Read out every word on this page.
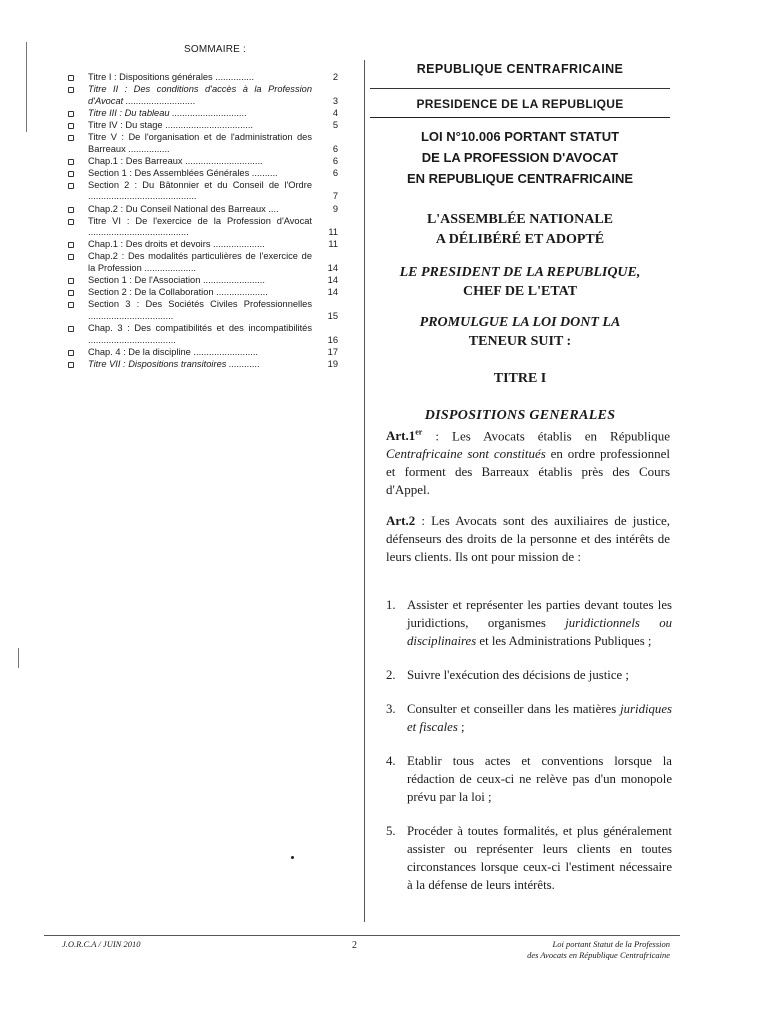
SOMMAIRE :
Titre I : Dispositions générales ...............	2
Titre II : Des conditions d'accès à la Profession d'Avocat ...........................	3
Titre III : Du tableau .............................	4
Titre IV : Du stage ..................................	5
Titre V : De l'organisation et de l'administration des Barreaux ................	6
Chap.1 : Des Barreaux ..............................	6
Section 1 : Des Assemblées Générales ..........	6
Section 2 : Du Bâtonnier et du Conseil de l'Ordre ..........................................	7
Chap.2 : Du Conseil National des Barreaux ....	9
Titre VI : De l'exercice de la Profession d'Avocat .......................................	11
Chap.1 : Des droits et devoirs ....................	11
Chap.2 : Des modalités particulières de l'exercice de la Profession ....................	14
Section 1 : De l'Association ........................	14
Section 2 : De la Collaboration ....................	14
Section 3 : Des Sociétés Civiles Professionnelles .................................	15
Chap. 3 : Des compatibilités et des incompatibilités ..................................	16
Chap. 4 : De la discipline .........................	17
Titre VII : Dispositions transitoires ............	19
REPUBLIQUE CENTRAFRICAINE
PRESIDENCE DE LA REPUBLIQUE
LOI N°10.006 PORTANT STATUT
DE LA PROFESSION D'AVOCAT
EN REPUBLIQUE CENTRAFRICAINE
L'ASSEMBLÉE NATIONALE
A DÉLIBÉRÉ ET ADOPTÉ
LE PRESIDENT DE LA REPUBLIQUE,
CHEF DE L'ETAT
PROMULGUE LA LOI DONT LA
TENEUR SUIT :
TITRE I
DISPOSITIONS GENERALES
Art.1er : Les Avocats établis en République Centrafricaine sont constitués en ordre professionnel et forment des Barreaux établis près des Cours d'Appel.
Art.2 : Les Avocats sont des auxiliaires de justice, défenseurs des droits de la personne et des intérêts de leurs clients. Ils ont pour mission de :
1. Assister et représenter les parties devant toutes les juridictions, organismes juridictionnels ou disciplinaires et les Administrations Publiques ;
2. Suivre l'exécution des décisions de justice ;
3. Consulter et conseiller dans les matières juridiques et fiscales ;
4. Etablir tous actes et conventions lorsque la rédaction de ceux-ci ne relève pas d'un monopole prévu par la loi ;
5. Procéder à toutes formalités, et plus généralement assister ou représenter leurs clients en toutes circonstances lorsque ceux-ci l'estiment nécessaire à la défense de leurs intérêts.
J.O.R.C.A / JUIN 2010	2	Loi portant Statut de la Profession
des Avocats en République Centrafricaine
